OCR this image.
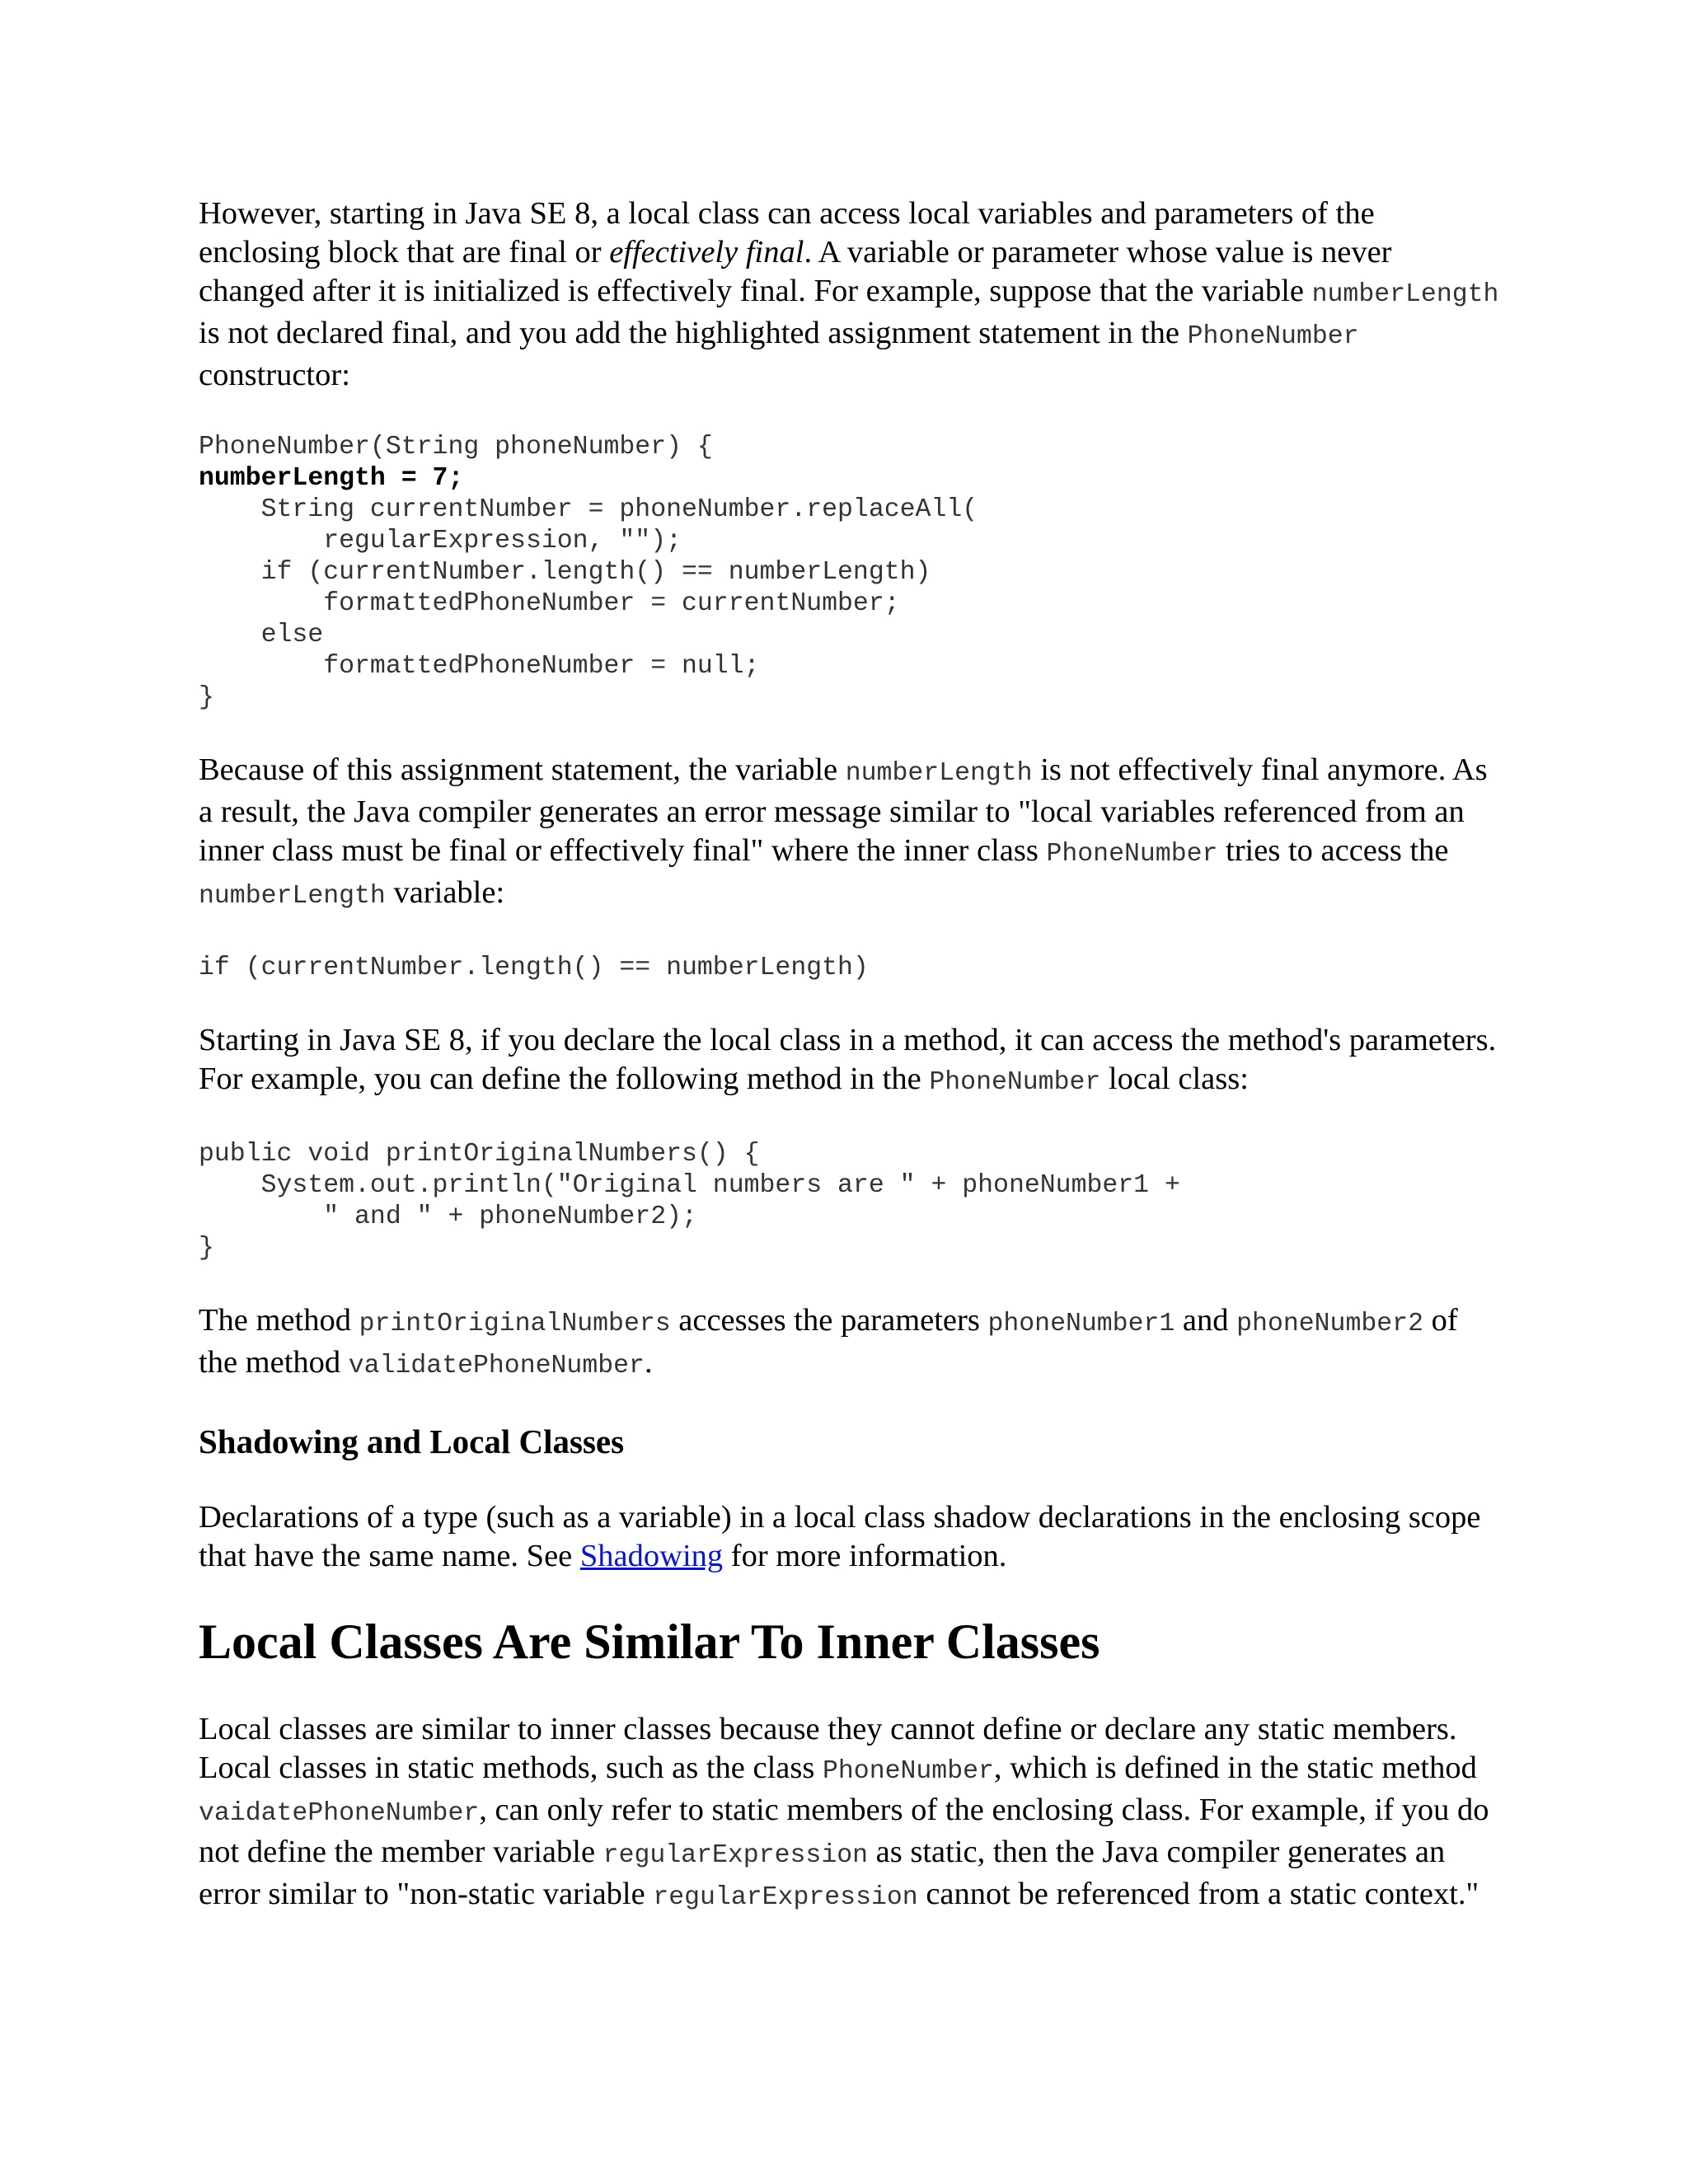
However, starting in Java SE 8, a local class can access local variables and parameters of the enclosing block that are final or effectively final. A variable or parameter whose value is never changed after it is initialized is effectively final. For example, suppose that the variable numberLength is not declared final, and you add the highlighted assignment statement in the PhoneNumber constructor:

PhoneNumber(String phoneNumber) {
numberLength = 7;
String currentNumber = phoneNumber.replaceAll(
regularExpression, "");
if (currentNumber.length() == numberLength)
formattedPhoneNumber = currentNumber;
else
formattedPhoneNumber = null;
}

Because of this assignment statement, the variable numberLength is not effectively final anymore. As a result, the Java compiler generates an error message similar to "local variables referenced from an inner class must be final or effectively final" where the inner class PhoneNumber tries to access the numberLength variable:

if (currentNumber.length() == numberLength)

Starting in Java SE 8, if you declare the local class in a method, it can access the method's parameters. For example, you can define the following method in the PhoneNumber local class:

public void printOriginalNumbers() {
System.out.println("Original numbers are " + phoneNumber1 +
" and " + phoneNumber2);
}

The method printOriginalNumbers accesses the parameters phoneNumber1 and phoneNumber2 of the method validatePhoneNumber.

Shadowing and Local Classes

Declarations of a type (such as a variable) in a local class shadow declarations in the enclosing scope that have the same name. See Shadowing for more information.

Local Classes Are Similar To Inner Classes

Local classes are similar to inner classes because they cannot define or declare any static members. Local classes in static methods, such as the class PhoneNumber, which is defined in the static method vaidatePhoneNumber, can only refer to static members of the enclosing class. For example, if you do not define the member variable regularExpression as static, then the Java compiler generates an error similar to "non-static variable regularExpression cannot be referenced from a static context."
